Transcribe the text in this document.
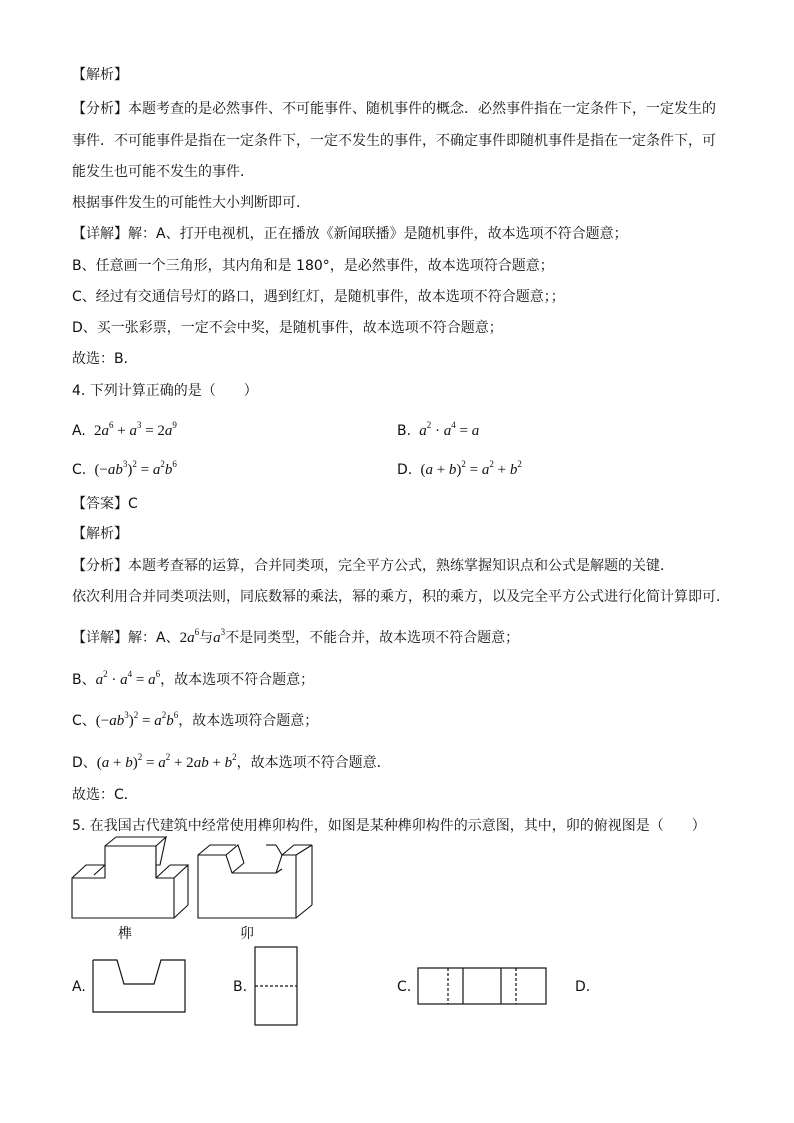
【解析】
【分析】本题考查的是必然事件、不可能事件、随机事件的概念．必然事件指在一定条件下，一定发生的
事件．不可能事件是指在一定条件下，一定不发生的事件，不确定事件即随机事件是指在一定条件下，可
能发生也可能不发生的事件．
根据事件发生的可能性大小判断即可．
【详解】解：A、打开电视机，正在播放《新闻联播》是随机事件，故本选项不符合题意；
B、任意画一个三角形，其内角和是 180°，是必然事件，故本选项符合题意；
C、经过有交通信号灯的路口，遇到红灯，是随机事件，故本选项不符合题意；；
D、买一张彩票，一定不会中奖，是随机事件，故本选项不符合题意；
故选：B．
4. 下列计算正确的是（　　）
A. $2a^6 + a^3 = 2a^9$	B.  $a^2 \cdot a^4 = a$
C. $(-ab^3)^2 = a^2b^6$	D. $(a + b)^2 = a^2 + b^2$
【答案】C
【解析】
【分析】本题考查幂的运算，合并同类项，完全平方公式，熟练掌握知识点和公式是解题的关键．
依次利用合并同类项法则，同底数幂的乘法，幂的乘方，积的乘方，以及完全平方公式进行化简计算即可．
【详解】解：A、$2a^6$与$a^3$不是同类型，不能合并，故本选项不符合题意；
B、$a^2 \cdot a^4 = a^6$，故本选项不符合题意；
C、$(-ab^3)^2 = a^2b^6$，故本选项符合题意；
D、$(a + b)^2 = a^2 + 2ab + b^2$，故本选项不符合题意．
故选：C．
5. 在我国古代建筑中经常使用榫卯构件，如图是某种榫卯构件的示意图，其中，卯的俯视图是（　　）
榫	卯
A.	B.	C.	D.
